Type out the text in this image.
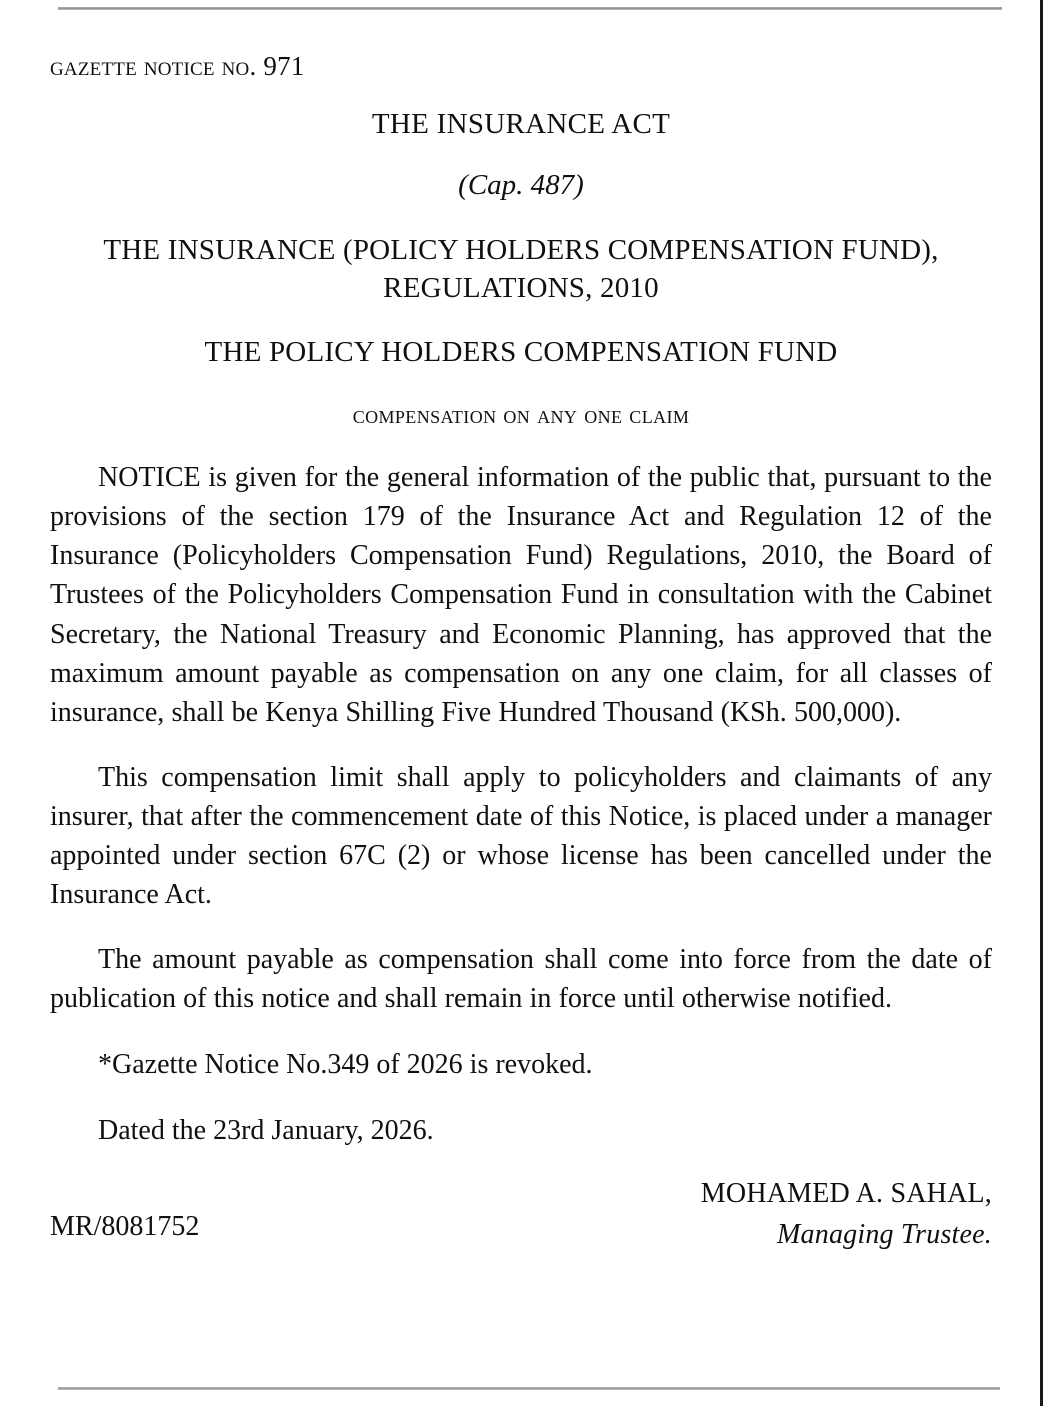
gazette notice no. 971
THE INSURANCE ACT
(Cap. 487)
THE INSURANCE (POLICY HOLDERS COMPENSATION FUND), REGULATIONS, 2010
THE POLICY HOLDERS COMPENSATION FUND
compensation on any one claim

NOTICE is given for the general information of the public that, pursuant to the provisions of the section 179 of the Insurance Act and Regulation 12 of the Insurance (Policyholders Compensation Fund) Regulations, 2010, the Board of Trustees of the Policyholders Compensation Fund in consultation with the Cabinet Secretary, the National Treasury and Economic Planning, has approved that the maximum amount payable as compensation on any one claim, for all classes of insurance, shall be Kenya Shilling Five Hundred Thousand (KSh. 500,000).

This compensation limit shall apply to policyholders and claimants of any insurer, that after the commencement date of this Notice, is placed under a manager appointed under section 67C (2) or whose license has been cancelled under the Insurance Act.

The amount payable as compensation shall come into force from the date of publication of this notice and shall remain in force until otherwise notified.

*Gazette Notice No.349 of 2026 is revoked.

Dated the 23rd January, 2026.

MOHAMED A. SAHAL,
Managing Trustee.
MR/8081752
